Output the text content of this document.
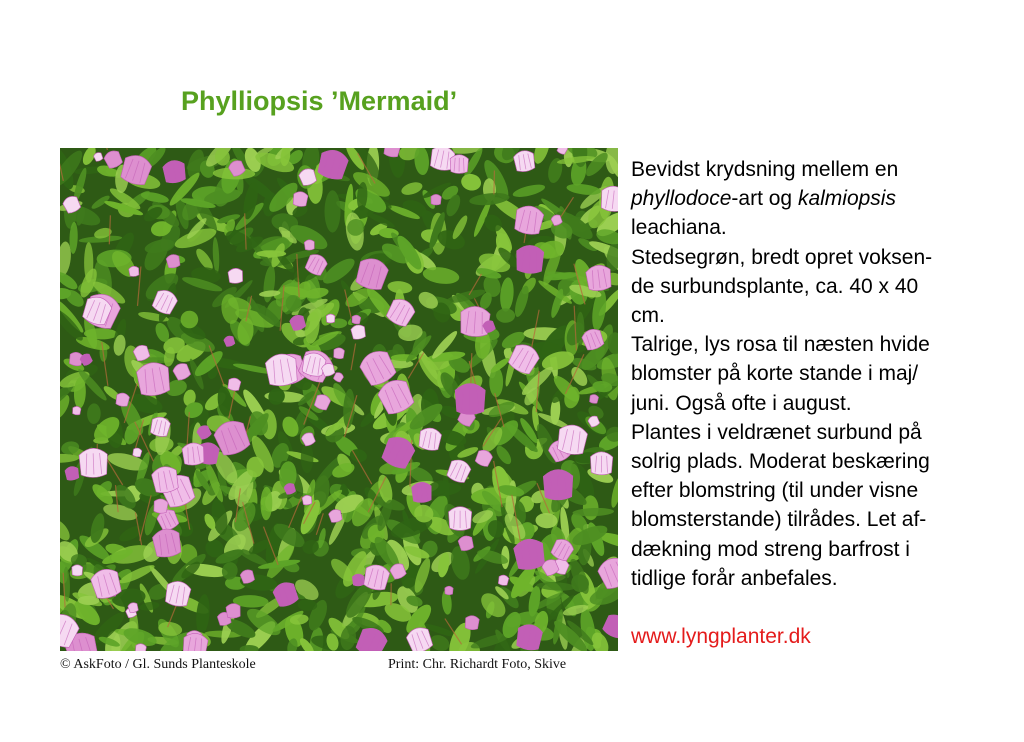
Phylliopsis ’Mermaid’
© AskFoto / Gl. Sunds Planteskole	Print: Chr. Richardt Foto, Skive
Bevidst krydsning mellem en
phyllodoce-art og kalmiopsis
leachiana.
Stedsegrøn, bredt opret voksen-
de surbundsplante, ca. 40 x 40
cm.
Talrige, lys rosa til næsten hvide
blomster på korte stande i maj/
juni. Også ofte i august.
Plantes i veldrænet surbund på
solrig plads. Moderat beskæring
efter blomstring (til under visne
blomsterstande) tilrådes. Let af-
dækning mod streng barfrost i
tidlige forår anbefales.
www.lyngplanter.dk
